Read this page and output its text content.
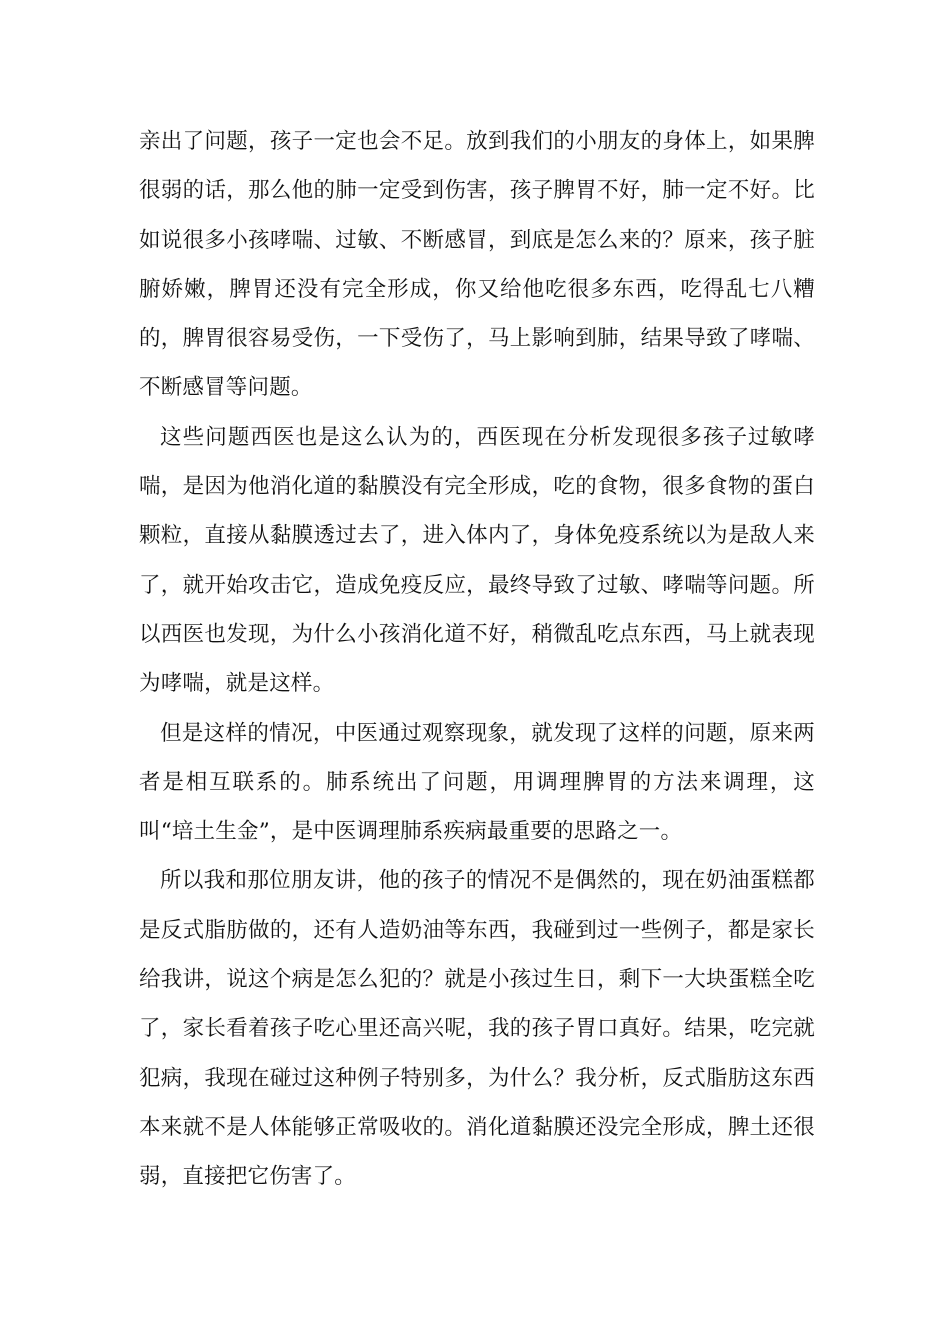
亲出了问题，孩子一定也会不足。放到我们的小朋友的身体上，如果脾很弱的话，那么他的肺一定受到伤害，孩子脾胃不好，肺一定不好。比如说很多小孩哮喘、过敏、不断感冒，到底是怎么来的？原来，孩子脏腑娇嫩，脾胃还没有完全形成，你又给他吃很多东西，吃得乱七八糟的，脾胃很容易受伤，一下受伤了，马上影响到肺，结果导致了哮喘、不断感冒等问题。

这些问题西医也是这么认为的，西医现在分析发现很多孩子过敏哮喘，是因为他消化道的黏膜没有完全形成，吃的食物，很多食物的蛋白颗粒，直接从黏膜透过去了，进入体内了，身体免疫系统以为是敌人来了，就开始攻击它，造成免疫反应，最终导致了过敏、哮喘等问题。所以西医也发现，为什么小孩消化道不好，稍微乱吃点东西，马上就表现为哮喘，就是这样。

但是这样的情况，中医通过观察现象，就发现了这样的问题，原来两者是相互联系的。肺系统出了问题，用调理脾胃的方法来调理，这叫“培土生金”，是中医调理肺系疾病最重要的思路之一。

所以我和那位朋友讲，他的孩子的情况不是偶然的，现在奶油蛋糕都是反式脂肪做的，还有人造奶油等东西，我碰到过一些例子，都是家长给我讲，说这个病是怎么犯的？就是小孩过生日，剩下一大块蛋糕全吃了，家长看着孩子吃心里还高兴呢，我的孩子胃口真好。结果，吃完就犯病，我现在碰过这种例子特别多，为什么？我分析，反式脂肪这东西本来就不是人体能够正常吸收的。消化道黏膜还没完全形成，脾土还很弱，直接把它伤害了。
